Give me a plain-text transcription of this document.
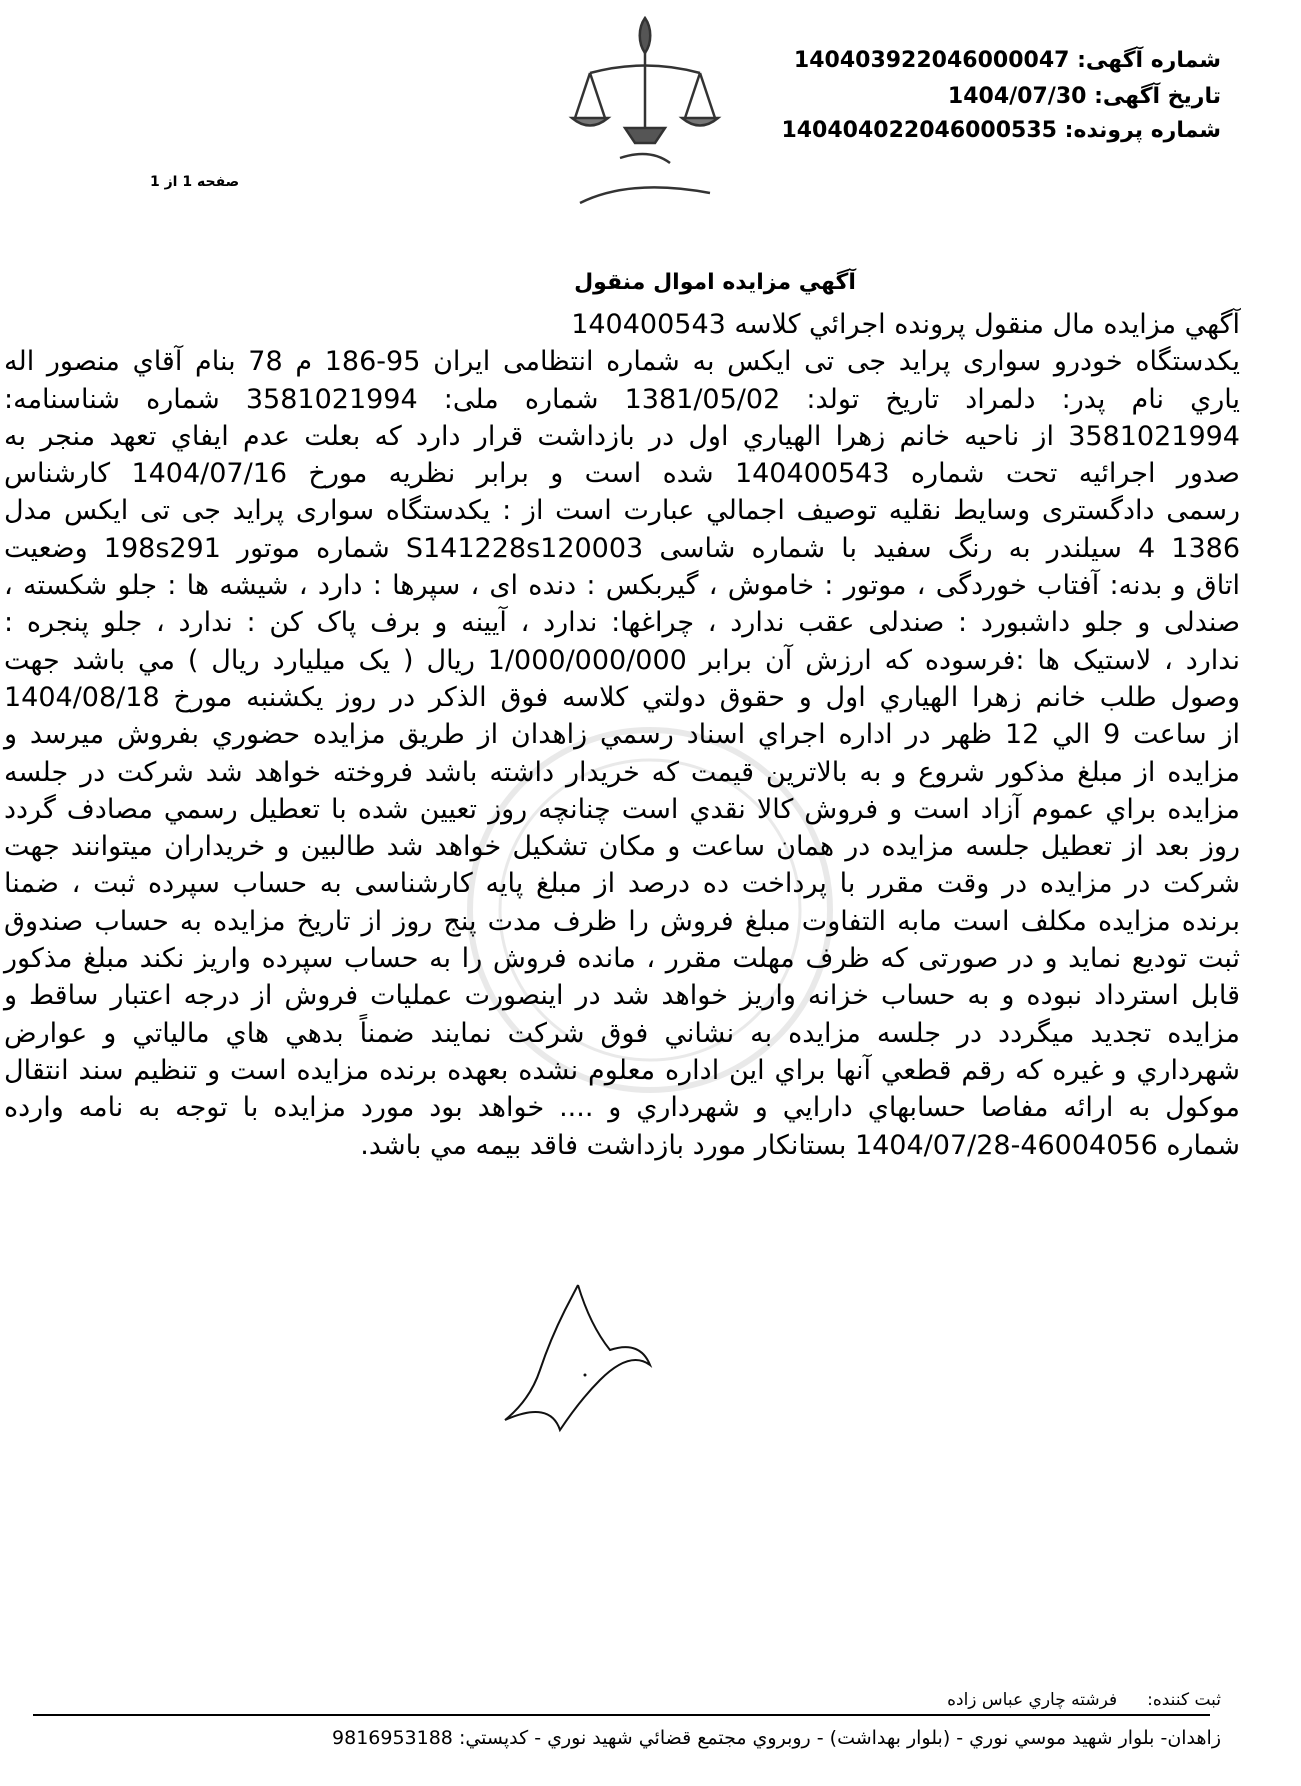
شماره آگهی: 140403922046000047
تاریخ آگهی: 1404/07/30
شماره پرونده: 140404022046000535
صفحه 1 از 1
آگهي مزايده اموال منقول
آگهي مزايده مال منقول پرونده اجرائي كلاسه 140400543
يكدستگاه خودرو سواری پراید جی تی ایکس به شماره انتظامی ایران 95-186 م 78 بنام آقاي منصور اله
ياري نام پدر: دلمراد تاريخ تولد: 1381/05/02 شماره ملی: 3581021994 شماره شناسنامه:
3581021994 از ناحيه خانم زهرا الهياري اول در بازداشت قرار دارد كه بعلت عدم ايفاي تعهد منجر به
صدور اجرائيه تحت شماره 140400543 شده است و برابر نظريه مورخ 1404/07/16 كارشناس
رسمی دادگستری وسايط نقليه توصيف اجمالي عبارت است از : يكدستگاه سواری پراید جی تی ایکس مدل
1386 4 سیلندر به رنگ سفید با شماره شاسی S141228s120003 شماره موتور 198s291 وضعیت
اتاق و بدنه: آفتاب خوردگی ، موتور : خاموش ، گیربکس : دنده ای ، سپرها : دارد ، شیشه ها : جلو شکسته ،
صندلی و جلو داشبورد : صندلی عقب ندارد ، چراغها: ندارد ، آیینه و برف پاک کن : ندارد ، جلو پنجره :
ندارد ، لاستیک ها :فرسوده كه ارزش آن برابر 1/000/000/000 ريال ( یک میلیارد ريال ) مي باشد جهت
وصول طلب خانم زهرا الهياري اول و حقوق دولتي كلاسه فوق الذكر در روز يكشنبه مورخ 1404/08/18
از ساعت 9 الي 12 ظهر در اداره اجراي اسناد رسمي زاهدان از طريق مزايده حضوري بفروش ميرسد و
مزايده از مبلغ مذكور شروع و به بالاترين قيمت كه خريدار داشته باشد فروخته خواهد شد شركت در جلسه
مزايده براي عموم آزاد است و فروش كالا نقدي است چنانچه روز تعيين شده با تعطيل رسمي مصادف گردد
روز بعد از تعطيل جلسه مزايده در همان ساعت و مكان تشكيل خواهد شد طالبين و خريداران ميتوانند جهت
شرکت در مزایده در وقت مقرر با پرداخت ده درصد از مبلغ پایه کارشناسی به حساب سپرده ثبت ، ضمنا
برنده مزایده مکلف است مابه التفاوت مبلغ فروش را ظرف مدت پنج روز از تاریخ مزایده به حساب صندوق
ثبت تودیع نماید و در صورتی که ظرف مهلت مقرر ، مانده فروش را به حساب سپرده واریز نکند مبلغ مذکور
قابل استرداد نبوده و به حساب خزانه واریز خواهد شد در اینصورت عملیات فروش از درجه اعتبار ساقط و
مزايده تجديد ميگردد در جلسه مزايده به نشاني فوق شركت نمايند ضمناً بدهي هاي مالياتي و عوارض
شهرداري و غيره كه رقم قطعي آنها براي اين اداره معلوم نشده بعهده برنده مزايده است و تنظيم سند انتقال
موكول به ارائه مفاصا حسابهاي دارايي و شهرداري و .... خواهد بود مورد مزايده با توجه به نامه وارده
شماره 46004056-1404/07/28 بستانکار مورد بازداشت فاقد بیمه مي باشد.
ثبت كننده:فرشته چاري عباس زاده
زاهدان- بلوار شهيد موسي نوري - (بلوار بهداشت) - روبروي مجتمع قضائي شهيد نوري - كدپستي: 9816953188
